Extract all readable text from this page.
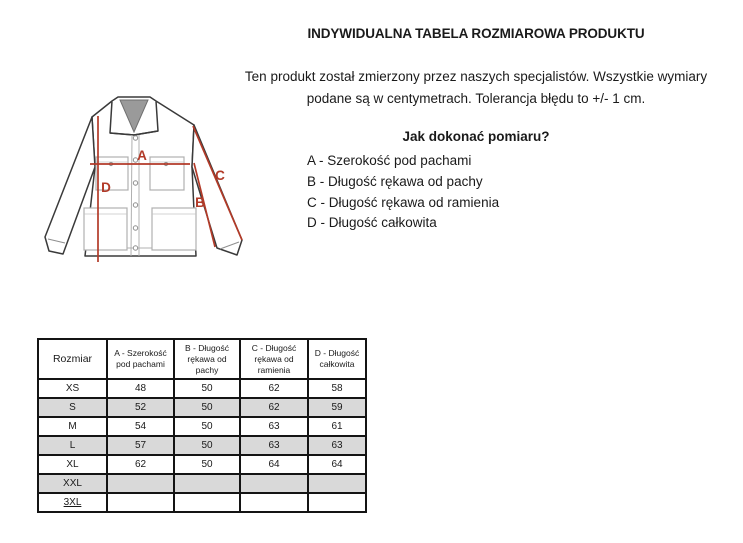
INDYWIDUALNA TABELA ROZMIAROWA PRODUKTU
Ten produkt został zmierzony przez naszych specjalistów. Wszystkie wymiary podane są w centymetrach. Tolerancja błędu to +/- 1 cm.
Jak dokonać pomiaru?
A - Szerokość pod pachami
B - Długość rękawa od pachy
C - Długość rękawa od ramienia
D - Długość całkowita
A
D
C
B
Rozmiar	A - Szerokość pod pachami	B - Długość rękawa od pachy	C - Długość rękawa od ramienia	D - Długość całkowita
XS	48	50	62	58
S	52	50	62	59
M	54	50	63	61
L	57	50	63	63
XL	62	50	64	64
XXL				
3XL				
